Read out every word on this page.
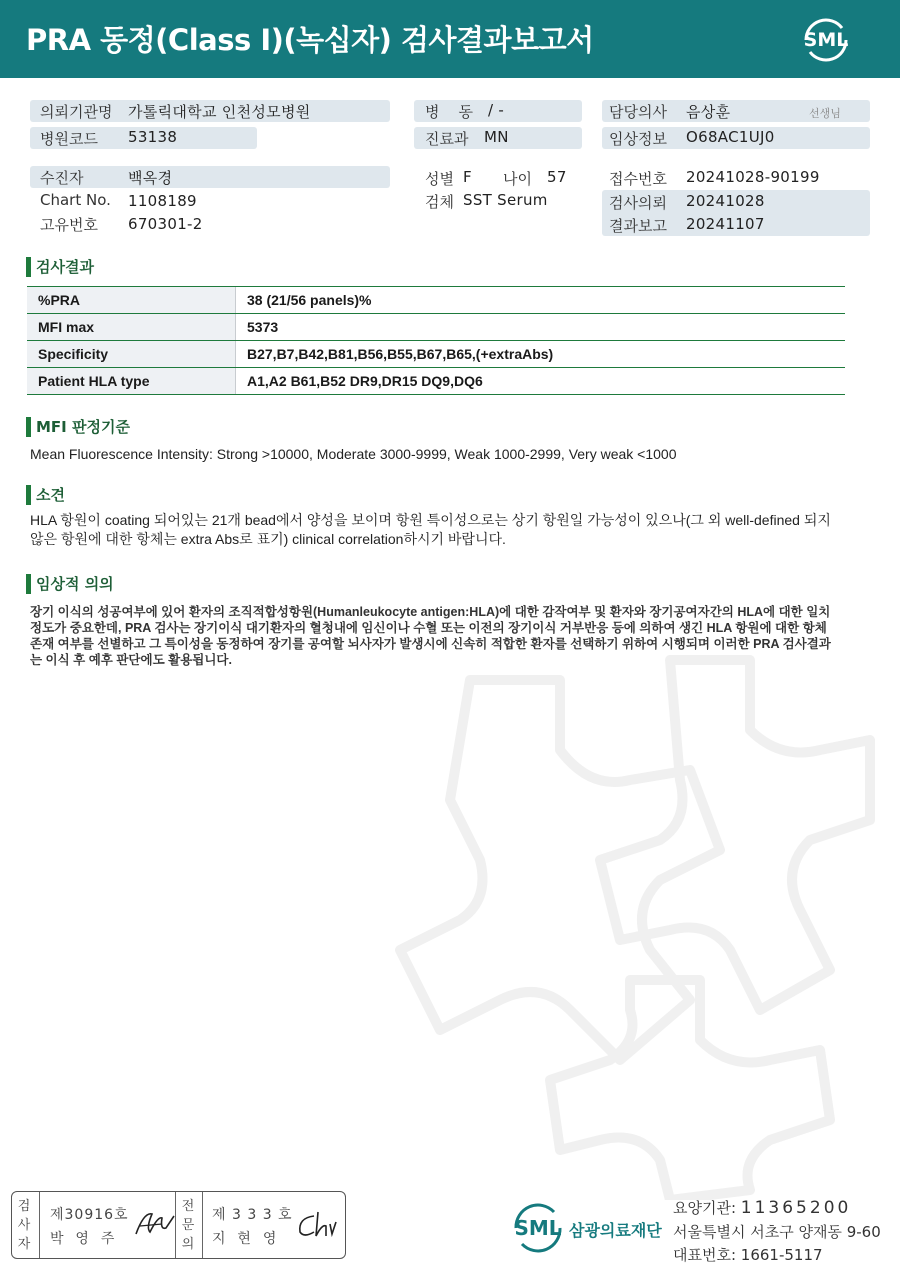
PRA 동정(Class I)(녹십자) 검사결과보고서	SML
의뢰기관명 가톨릭대학교 인천성모병원
병원코드 53138
병    동 / -
진료과 MN
담당의사 음상훈	선생님
임상정보 O68AC1UJ0
수진자	백옥경
Chart No. 1108189
고유번호 670301-2
성별 F 나이 57
검체 SST Serum
접수번호 20241028-90199
검사의뢰 20241028
결과보고 20241107
검사결과
%PRA	38 (21/56 panels)%
MFI max	5373
Specificity	B27,B7,B42,B81,B56,B55,B67,B65,(+extraAbs)
Patient HLA type	A1,A2 B61,B52 DR9,DR15 DQ9,DQ6
MFI 판정기준
Mean Fluorescence Intensity: Strong >10000, Moderate 3000-9999, Weak 1000-2999, Very weak <1000
소견
HLA 항원이 coating 되어있는 21개 bead에서 양성을 보이며 항원 특이성으로는 상기 항원일 가능성이 있으나(그 외 well-defined 되지 않은 항원에 대한 항체는 extra Abs로 표기) clinical correlation하시기 바랍니다.
임상적 의의
장기 이식의 성공여부에 있어 환자의 조직적합성항원(Humanleukocyte antigen:HLA)에 대한 감작여부 및 환자와 장기공여자간의 HLA에 대한 일치정도가 중요한데, PRA 검사는 장기이식 대기환자의 혈청내에 임신이나 수혈 또는 이전의 장기이식 거부반응 등에 의하여 생긴 HLA 항원에 대한 항체 존재 여부를 선별하고 그 특이성을 동정하여 장기를 공여할 뇌사자가 발생시에 신속히 적합한 환자를 선택하기 위하여 시행되며 이러한 PRA 검사결과는 이식 후 예후 판단에도 활용됩니다.
검사자
제30916호
박  영  주
전문의
제 3 3 3 호
지  현  영	SML 삼광의료재단
요양기관: 11365200
서울특별시 서초구 양재동 9-60
대표번호: 1661-5117
